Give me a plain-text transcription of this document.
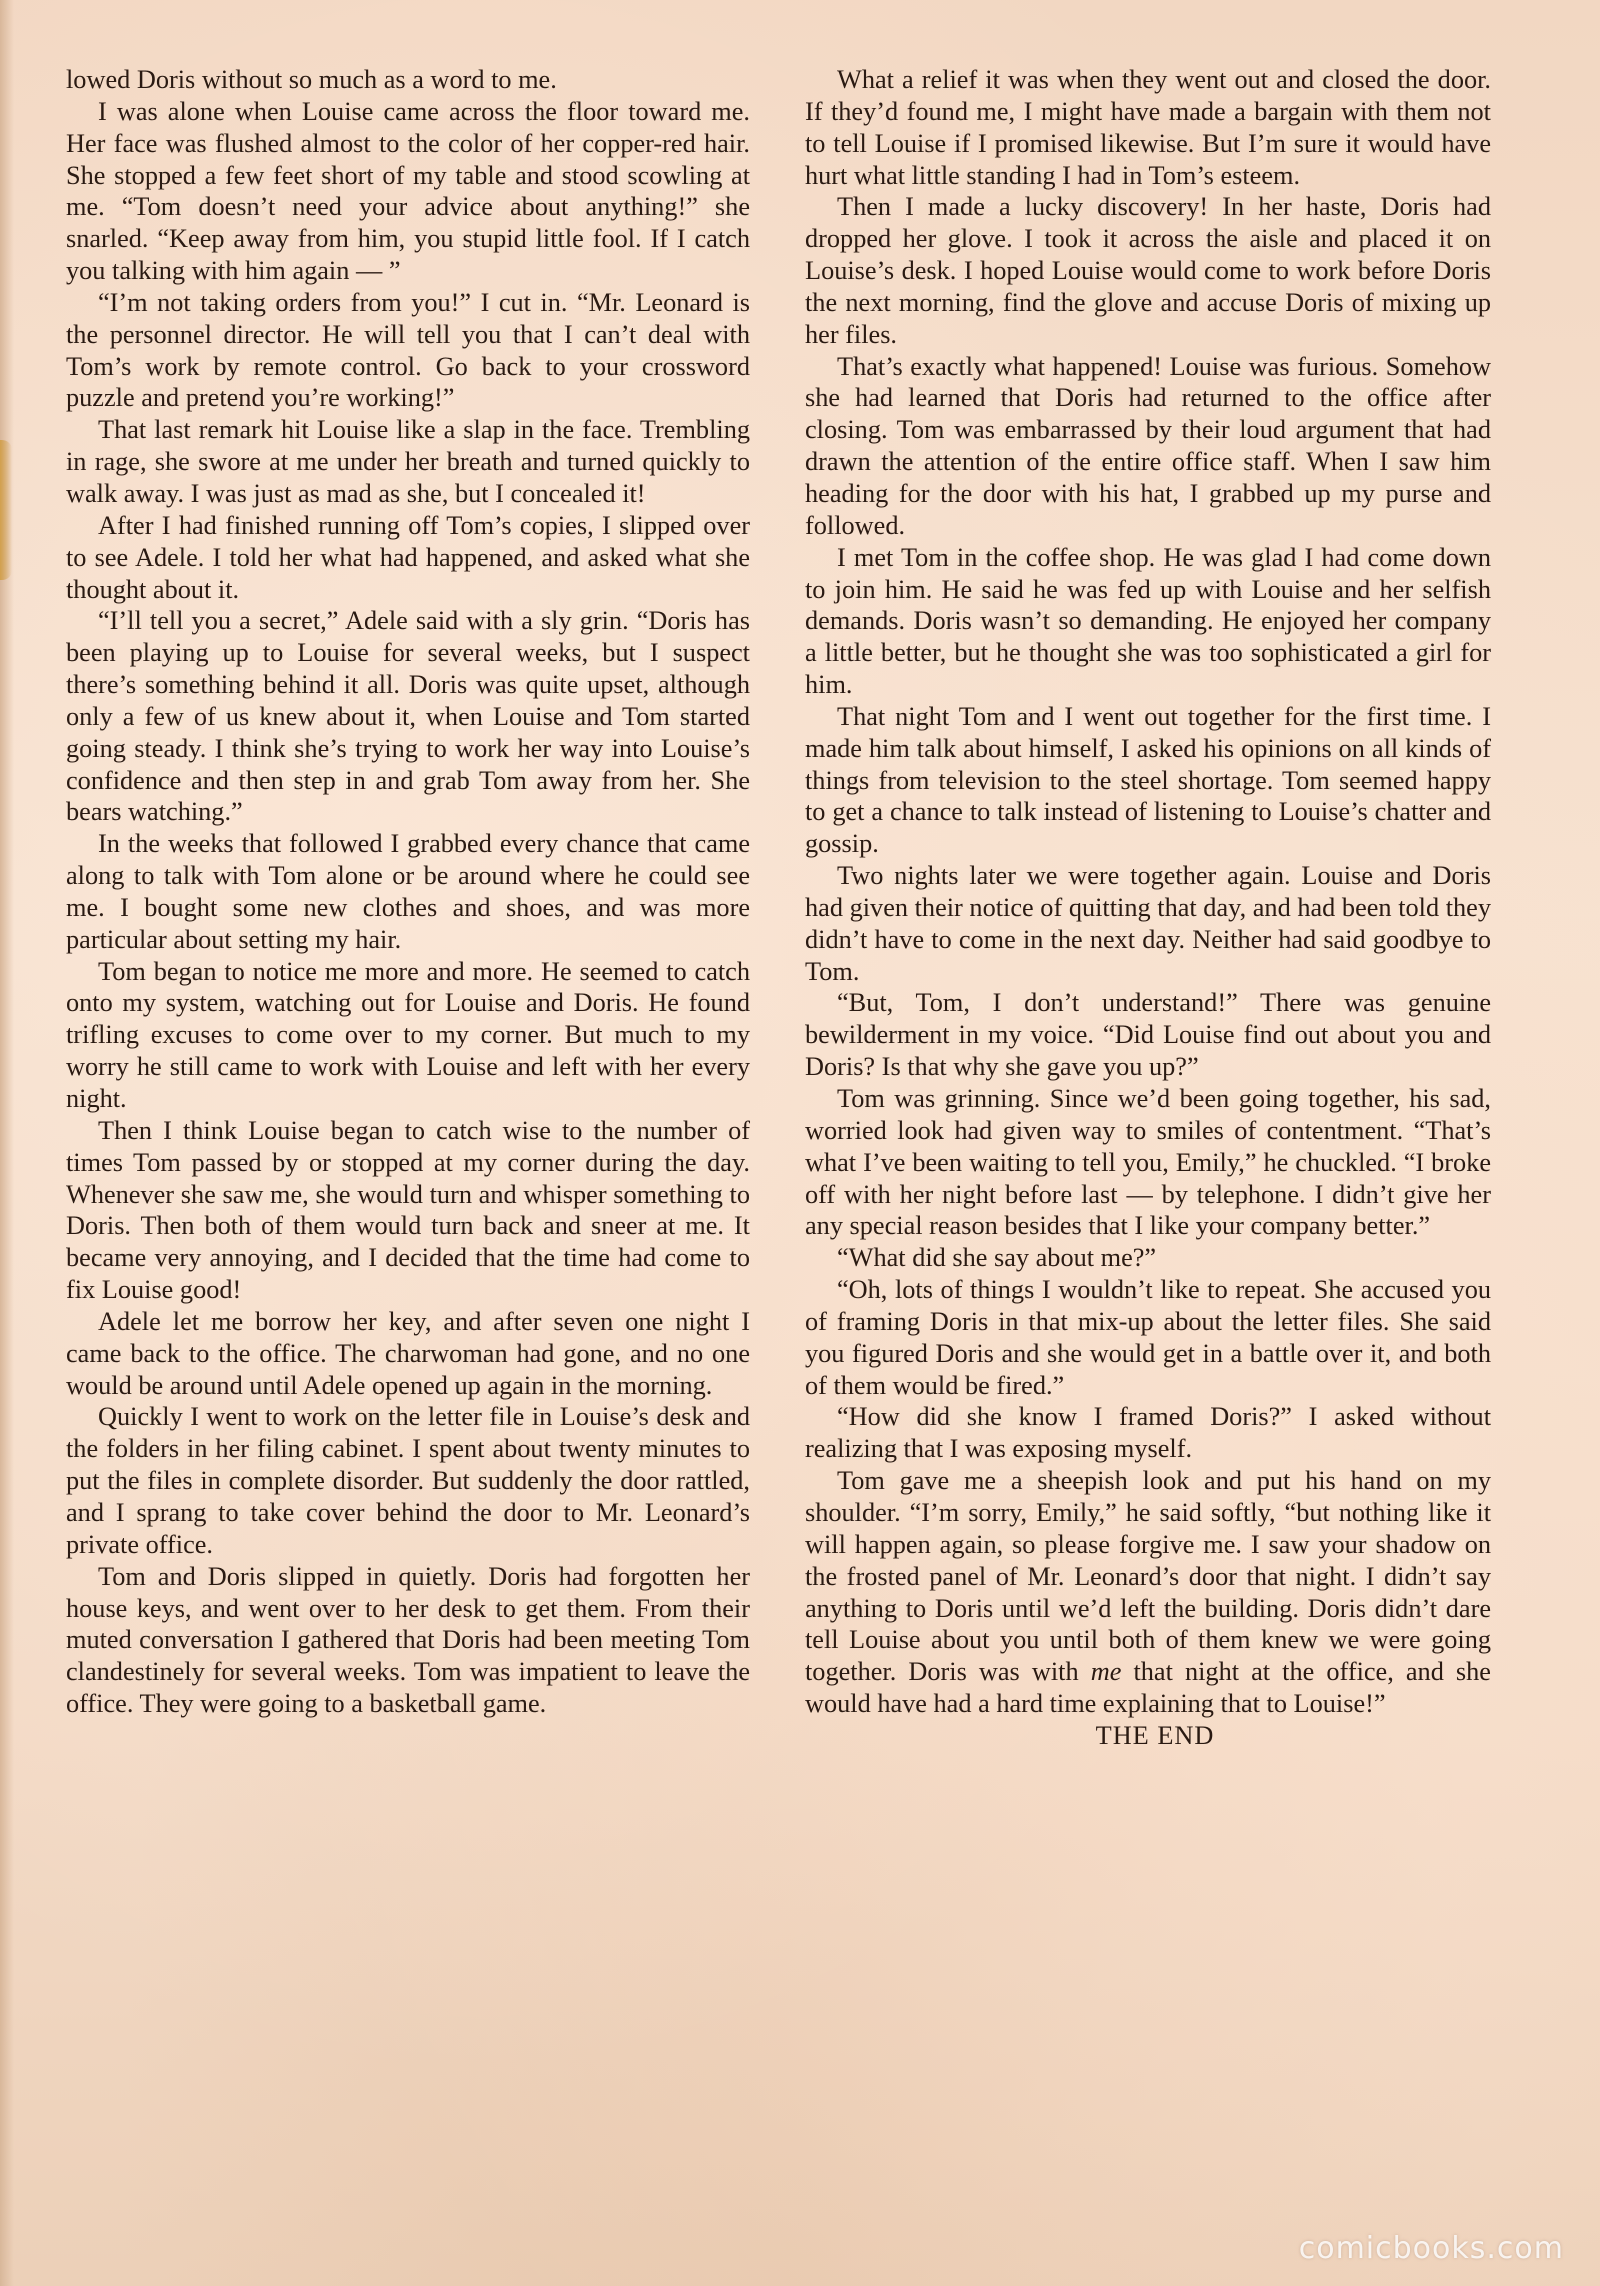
lowed Doris without so much as a word to me.

I was alone when Louise came across the floor toward me. Her face was flushed almost to the color of her copper-red hair. She stopped a few feet short of my table and stood scowling at me. “Tom doesn’t need your advice about anything!” she snarled. “Keep away from him, you stupid little fool. If I catch you talking with him again — ”

“I’m not taking orders from you!” I cut in. “Mr. Leonard is the personnel director. He will tell you that I can’t deal with Tom’s work by remote control. Go back to your crossword puzzle and pretend you’re working!”

That last remark hit Louise like a slap in the face. Trembling in rage, she swore at me under her breath and turned quickly to walk away. I was just as mad as she, but I concealed it!

After I had finished running off Tom’s copies, I slipped over to see Adele. I told her what had happened, and asked what she thought about it.

“I’ll tell you a secret,” Adele said with a sly grin. “Doris has been playing up to Louise for several weeks, but I suspect there’s something behind it all. Doris was quite upset, although only a few of us knew about it, when Louise and Tom started going steady. I think she’s trying to work her way into Louise’s confidence and then step in and grab Tom away from her. She bears watching.”

In the weeks that followed I grabbed every chance that came along to talk with Tom alone or be around where he could see me. I bought some new clothes and shoes, and was more particular about setting my hair.

Tom began to notice me more and more. He seemed to catch onto my system, watching out for Louise and Doris. He found trifling excuses to come over to my corner. But much to my worry he still came to work with Louise and left with her every night.

Then I think Louise began to catch wise to the number of times Tom passed by or stopped at my corner during the day. Whenever she saw me, she would turn and whisper something to Doris. Then both of them would turn back and sneer at me. It became very annoying, and I decided that the time had come to fix Louise good!

Adele let me borrow her key, and after seven one night I came back to the office. The charwoman had gone, and no one would be around until Adele opened up again in the morning.

Quickly I went to work on the letter file in Louise’s desk and the folders in her filing cabinet. I spent about twenty minutes to put the files in complete disorder. But suddenly the door rattled, and I sprang to take cover behind the door to Mr. Leonard’s private office.

Tom and Doris slipped in quietly. Doris had forgotten her house keys, and went over to her desk to get them. From their muted conversation I gathered that Doris had been meeting Tom clandestinely for several weeks. Tom was impatient to leave the office. They were going to a basketball game.

What a relief it was when they went out and closed the door. If they’d found me, I might have made a bargain with them not to tell Louise if I promised likewise. But I’m sure it would have hurt what little standing I had in Tom’s esteem.

Then I made a lucky discovery! In her haste, Doris had dropped her glove. I took it across the aisle and placed it on Louise’s desk. I hoped Louise would come to work before Doris the next morning, find the glove and accuse Doris of mixing up her files.

That’s exactly what happened! Louise was furious. Somehow she had learned that Doris had returned to the office after closing. Tom was embarrassed by their loud argument that had drawn the attention of the entire office staff. When I saw him heading for the door with his hat, I grabbed up my purse and followed.

I met Tom in the coffee shop. He was glad I had come down to join him. He said he was fed up with Louise and her selfish demands. Doris wasn’t so demanding. He enjoyed her company a little better, but he thought she was too sophisticated a girl for him.

That night Tom and I went out together for the first time. I made him talk about himself, I asked his opinions on all kinds of things from television to the steel shortage. Tom seemed happy to get a chance to talk instead of listening to Louise’s chatter and gossip.

Two nights later we were together again. Louise and Doris had given their notice of quitting that day, and had been told they didn’t have to come in the next day. Neither had said goodbye to Tom.

“But, Tom, I don’t understand!” There was genuine bewilderment in my voice. “Did Louise find out about you and Doris? Is that why she gave you up?”

Tom was grinning. Since we’d been going together, his sad, worried look had given way to smiles of contentment. “That’s what I’ve been waiting to tell you, Emily,” he chuckled. “I broke off with her night before last — by telephone. I didn’t give her any special reason besides that I like your company better.”

“What did she say about me?”

“Oh, lots of things I wouldn’t like to repeat. She accused you of framing Doris in that mix-up about the letter files. She said you figured Doris and she would get in a battle over it, and both of them would be fired.”

“How did she know I framed Doris?” I asked without realizing that I was exposing myself.

Tom gave me a sheepish look and put his hand on my shoulder. “I’m sorry, Emily,” he said softly, “but nothing like it will happen again, so please forgive me. I saw your shadow on the frosted panel of Mr. Leonard’s door that night. I didn’t say anything to Doris until we’d left the building. Doris didn’t dare tell Louise about you until both of them knew we were going together. Doris was with me that night at the office, and she would have had a hard time explaining that to Louise!”

THE END

comicbooks.com
